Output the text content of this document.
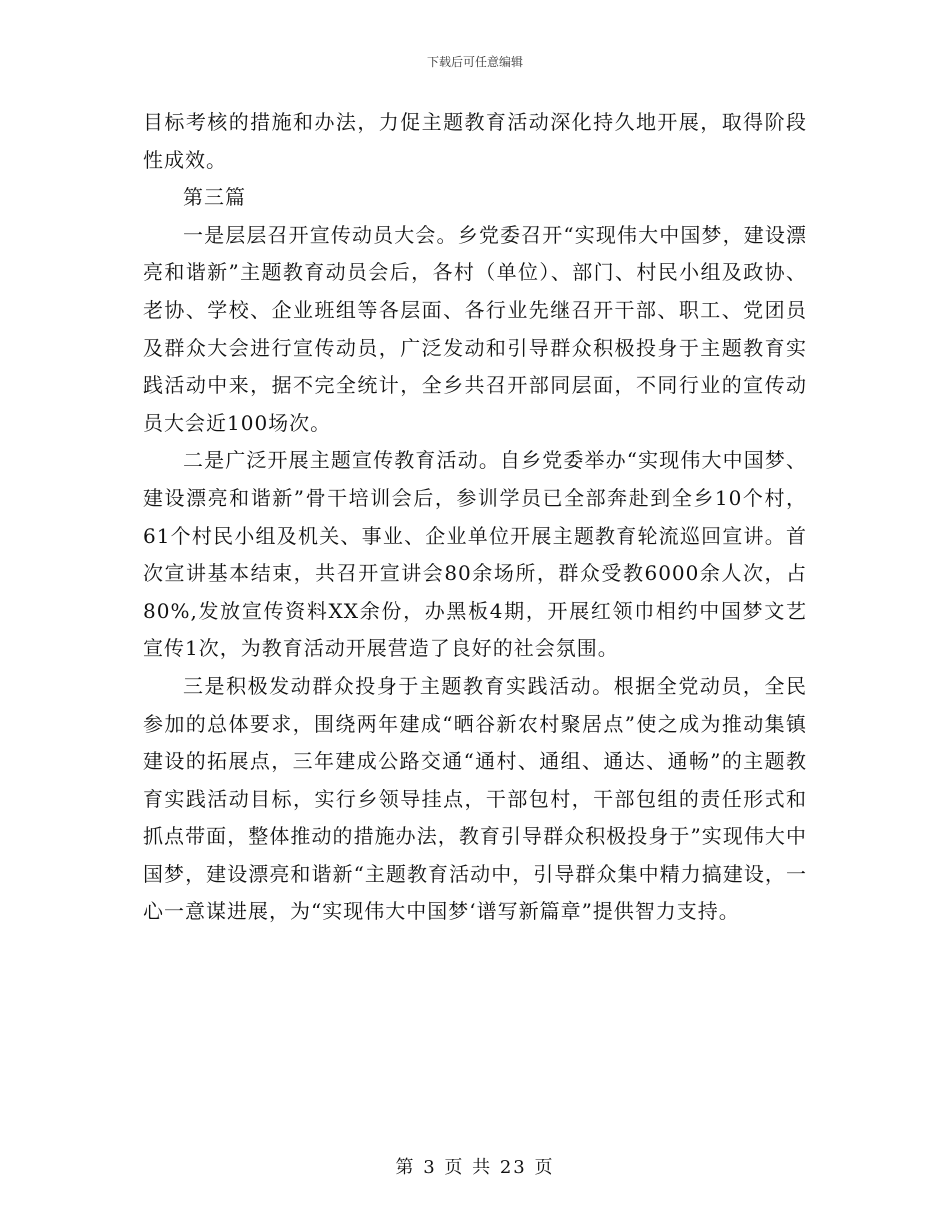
下载后可任意编辑

目标考核的措施和办法，力促主题教育活动深化持久地开展，取得阶段性成效。

第三篇

一是层层召开宣传动员大会。乡党委召开“实现伟大中国梦，建设漂亮和谐新”主题教育动员会后，各村（单位）、部门、村民小组及政协、老协、学校、企业班组等各层面、各行业先继召开干部、职工、党团员及群众大会进行宣传动员，广泛发动和引导群众积极投身于主题教育实践活动中来，据不完全统计，全乡共召开部同层面，不同行业的宣传动员大会近100场次。

二是广泛开展主题宣传教育活动。自乡党委举办“实现伟大中国梦、建设漂亮和谐新”骨干培训会后，参训学员已全部奔赴到全乡10个村，61个村民小组及机关、事业、企业单位开展主题教育轮流巡回宣讲。首次宣讲基本结束，共召开宣讲会80余场所，群众受教6000余人次，占80%,发放宣传资料XX余份，办黑板4期，开展红领巾相约中国梦文艺宣传1次，为教育活动开展营造了良好的社会氛围。

三是积极发动群众投身于主题教育实践活动。根据全党动员，全民参加的总体要求，围绕两年建成“晒谷新农村聚居点”使之成为推动集镇建设的拓展点，三年建成公路交通“通村、通组、通达、通畅”的主题教育实践活动目标，实行乡领导挂点，干部包村，干部包组的责任形式和抓点带面，整体推动的措施办法，教育引导群众积极投身于”实现伟大中国梦，建设漂亮和谐新“主题教育活动中，引导群众集中精力搞建设，一心一意谋进展，为“实现伟大中国梦‘谱写新篇章”提供智力支持。

第 3 页 共 23 页
